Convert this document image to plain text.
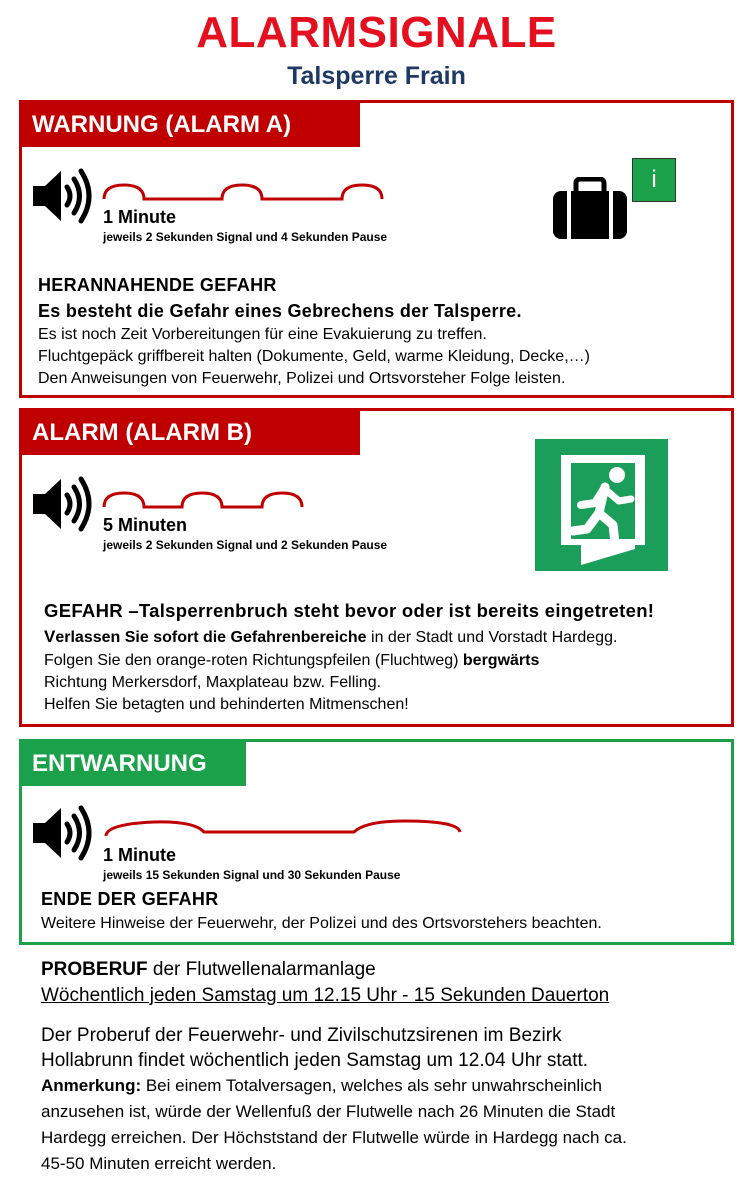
ALARMSIGNALE
Talsperre Frain
WARNUNG (ALARM A)
1 Minute
jeweils 2 Sekunden Signal und 4 Sekunden Pause
i
HERANNAHENDE GEFAHR
Es besteht die Gefahr eines Gebrechens der Talsperre.
Es ist noch Zeit Vorbereitungen für eine Evakuierung zu treffen.
Fluchtgepäck griffbereit halten (Dokumente, Geld, warme Kleidung, Decke,…)
Den Anweisungen von Feuerwehr, Polizei und Ortsvorsteher Folge leisten.
ALARM (ALARM B)
5 Minuten
jeweils 2 Sekunden Signal und 2 Sekunden Pause
GEFAHR –Talsperrenbruch steht bevor oder ist bereits eingetreten!
Verlassen Sie sofort die Gefahrenbereiche in der Stadt und Vorstadt Hardegg.
Folgen Sie den orange-roten Richtungspfeilen (Fluchtweg) bergwärts
Richtung Merkersdorf, Maxplateau bzw. Felling.
Helfen Sie betagten und behinderten Mitmenschen!
ENTWARNUNG
1 Minute
jeweils 15 Sekunden Signal und 30 Sekunden Pause
ENDE DER GEFAHR
Weitere Hinweise der Feuerwehr, der Polizei und des Ortsvorstehers beachten.
PROBERUF der Flutwellenalarmanlage
Wöchentlich jeden Samstag um 12.15 Uhr - 15 Sekunden Dauerton
Der Proberuf der Feuerwehr- und Zivilschutzsirenen im Bezirk
Hollabrunn findet wöchentlich jeden Samstag um 12.04 Uhr statt.
Anmerkung: Bei einem Totalversagen, welches als sehr unwahrscheinlich
anzusehen ist, würde der Wellenfuß der Flutwelle nach 26 Minuten die Stadt
Hardegg erreichen. Der Höchststand der Flutwelle würde in Hardegg nach ca.
45-50 Minuten erreicht werden.
